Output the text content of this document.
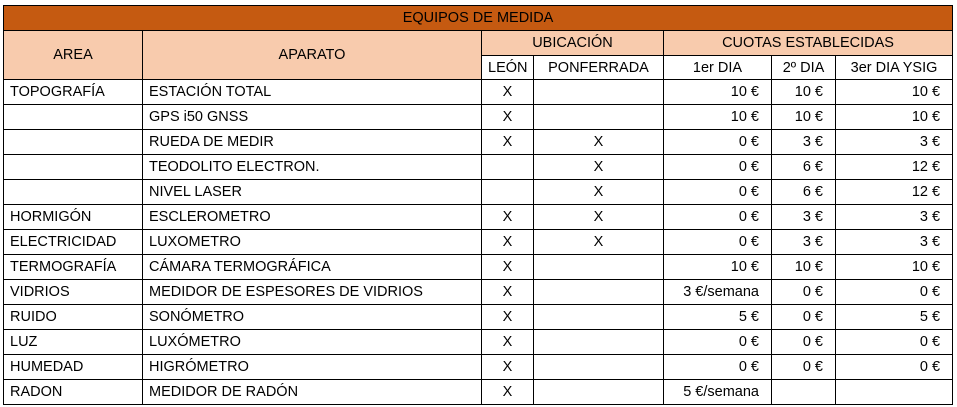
EQUIPOS DE MEDIDA						
AREA	APARATO	UBICACIÓN		CUOTAS ESTABLECIDAS		
		LEÓN	PONFERRADA	1er DIA	2º DIA	3er DIA YSIG
TOPOGRAFÍA	ESTACIÓN TOTAL	X		10 €	10 €	10 €
	GPS i50 GNSS	X		10 €	10 €	10 €
	RUEDA DE MEDIR	X	X	0 €	3 €	3 €
	TEODOLITO ELECTRON.		X	0 €	6 €	12 €
	NIVEL LASER		X	0 €	6 €	12 €
HORMIGÓN	ESCLEROMETRO	X	X	0 €	3 €	3 €
ELECTRICIDAD	LUXOMETRO	X	X	0 €	3 €	3 €
TERMOGRAFÍA	CÁMARA TERMOGRÁFICA	X		10 €	10 €	10 €
VIDRIOS	MEDIDOR DE ESPESORES DE VIDRIOS	X		3 €/semana	0 €	0 €
RUIDO	SONÓMETRO	X		5 €	0 €	5 €
LUZ	LUXÓMETRO	X		0 €	0 €	0 €
HUMEDAD	HIGRÓMETRO	X		0 €	0 €	0 €
RADON	MEDIDOR DE RADÓN	X		5 €/semana		
